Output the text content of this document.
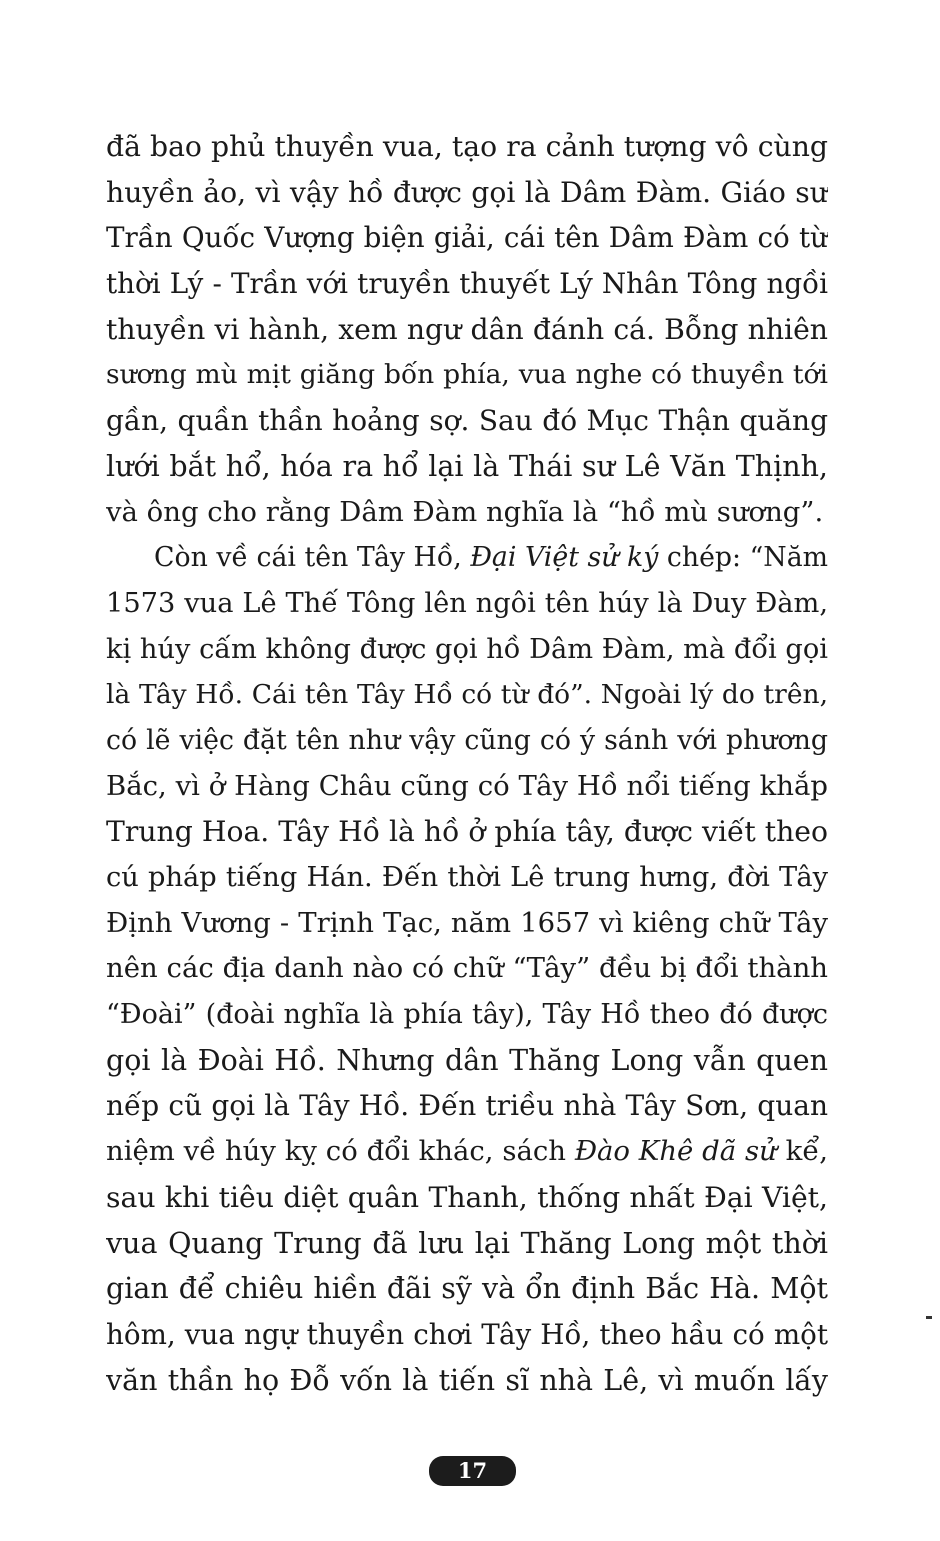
đã bao phủ thuyền vua, tạo ra cảnh tượng vô cùng
huyền ảo, vì vậy hồ được gọi là Dâm Đàm. Giáo sư
Trần Quốc Vượng biện giải, cái tên Dâm Đàm có từ
thời Lý - Trần với truyền thuyết Lý Nhân Tông ngồi
thuyền vi hành, xem ngư dân đánh cá. Bỗng nhiên
sương mù mịt giăng bốn phía, vua nghe có thuyền tới
gần, quần thần hoảng sợ. Sau đó Mục Thận quăng
lưới bắt hổ, hóa ra hổ lại là Thái sư Lê Văn Thịnh,
và ông cho rằng Dâm Đàm nghĩa là “hồ mù sương”.
Còn về cái tên Tây Hồ, Đại Việt sử ký chép: “Năm
1573 vua Lê Thế Tông lên ngôi tên húy là Duy Đàm,
kị húy cấm không được gọi hồ Dâm Đàm, mà đổi gọi
là Tây Hồ. Cái tên Tây Hồ có từ đó”. Ngoài lý do trên,
có lẽ việc đặt tên như vậy cũng có ý sánh với phương
Bắc, vì ở Hàng Châu cũng có Tây Hồ nổi tiếng khắp
Trung Hoa. Tây Hồ là hồ ở phía tây, được viết theo
cú pháp tiếng Hán. Đến thời Lê trung hưng, đời Tây
Định Vương - Trịnh Tạc, năm 1657 vì kiêng chữ Tây
nên các địa danh nào có chữ “Tây” đều bị đổi thành
“Đoài” (đoài nghĩa là phía tây), Tây Hồ theo đó được
gọi là Đoài Hồ. Nhưng dân Thăng Long vẫn quen
nếp cũ gọi là Tây Hồ. Đến triều nhà Tây Sơn, quan
niệm về húy kỵ có đổi khác, sách Đào Khê dã sử kể,
sau khi tiêu diệt quân Thanh, thống nhất Đại Việt,
vua Quang Trung đã lưu lại Thăng Long một thời
gian để chiêu hiền đãi sỹ và ổn định Bắc Hà. Một
hôm, vua ngự thuyền chơi Tây Hồ, theo hầu có một
văn thần họ Đỗ vốn là tiến sĩ nhà Lê, vì muốn lấy
17
